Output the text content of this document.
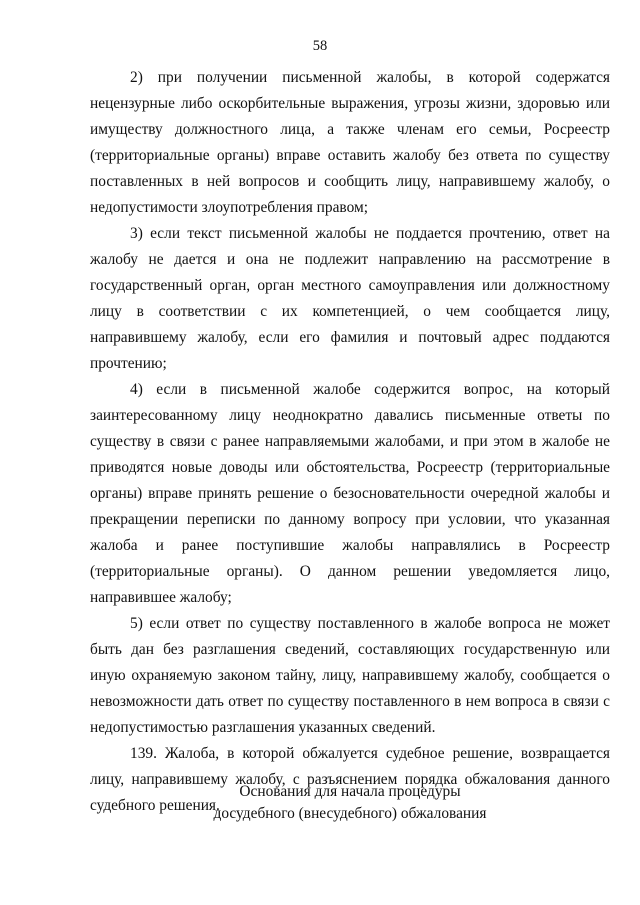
58

2) при получении письменной жалобы, в которой содержатся нецензурные либо оскорбительные выражения, угрозы жизни, здоровью или имуществу должностного лица, а также членам его семьи, Росреестр (территориальные органы) вправе оставить жалобу без ответа по существу поставленных в ней вопросов и сообщить лицу, направившему жалобу, о недопустимости злоупотребления правом;

3) если текст письменной жалобы не поддается прочтению, ответ на жалобу не дается и она не подлежит направлению на рассмотрение в государственный орган, орган местного самоуправления или должностному лицу в соответствии с их компетенцией, о чем сообщается лицу, направившему жалобу, если его фамилия и почтовый адрес поддаются прочтению;

4) если в письменной жалобе содержится вопрос, на который заинтересованному лицу неоднократно давались письменные ответы по существу в связи с ранее направляемыми жалобами, и при этом в жалобе не приводятся новые доводы или обстоятельства, Росреестр (территориальные органы) вправе принять решение о безосновательности очередной жалобы и прекращении переписки по данному вопросу при условии, что указанная жалоба и ранее поступившие жалобы направлялись в Росреестр (территориальные органы). О данном решении уведомляется лицо, направившее жалобу;

5) если ответ по существу поставленного в жалобе вопроса не может быть дан без разглашения сведений, составляющих государственную или иную охраняемую законом тайну, лицу, направившему жалобу, сообщается о невозможности дать ответ по существу поставленного в нем вопроса в связи с недопустимостью разглашения указанных сведений.

139. Жалоба, в которой обжалуется судебное решение, возвращается лицу, направившему жалобу, с разъяснением порядка обжалования данного судебного решения.

Основания для начала процедуры
досудебного (внесудебного) обжалования
